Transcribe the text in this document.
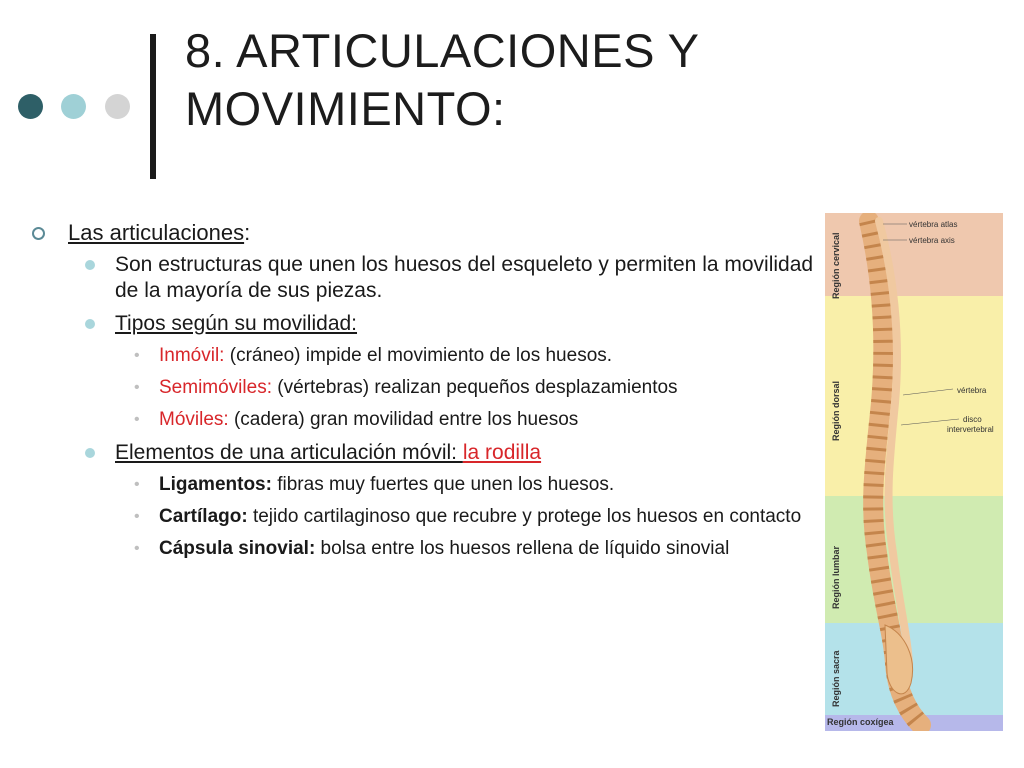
8. ARTICULACIONES Y
MOVIMIENTO:
Las articulaciones:
Son estructuras que unen los huesos del esqueleto y permiten la movilidad de la mayoría de sus piezas.
Tipos según su movilidad:
• Inmóvil: (cráneo) impide el movimiento de los huesos.
• Semimóviles: (vértebras) realizan pequeños desplazamientos
• Móviles: (cadera) gran movilidad entre los huesos
Elementos de una articulación móvil: la rodilla
• Ligamentos: fibras muy fuertes que unen los huesos.
• Cartílago: tejido cartilaginoso que recubre y protege los huesos en contacto
• Cápsula sinovial: bolsa entre los huesos rellena de líquido sinovial
Región cervical
Región dorsal
Región lumbar
Región sacra
Región coxígea
vértebra atlas
vértebra axis
vértebra
disco
intervertebral
